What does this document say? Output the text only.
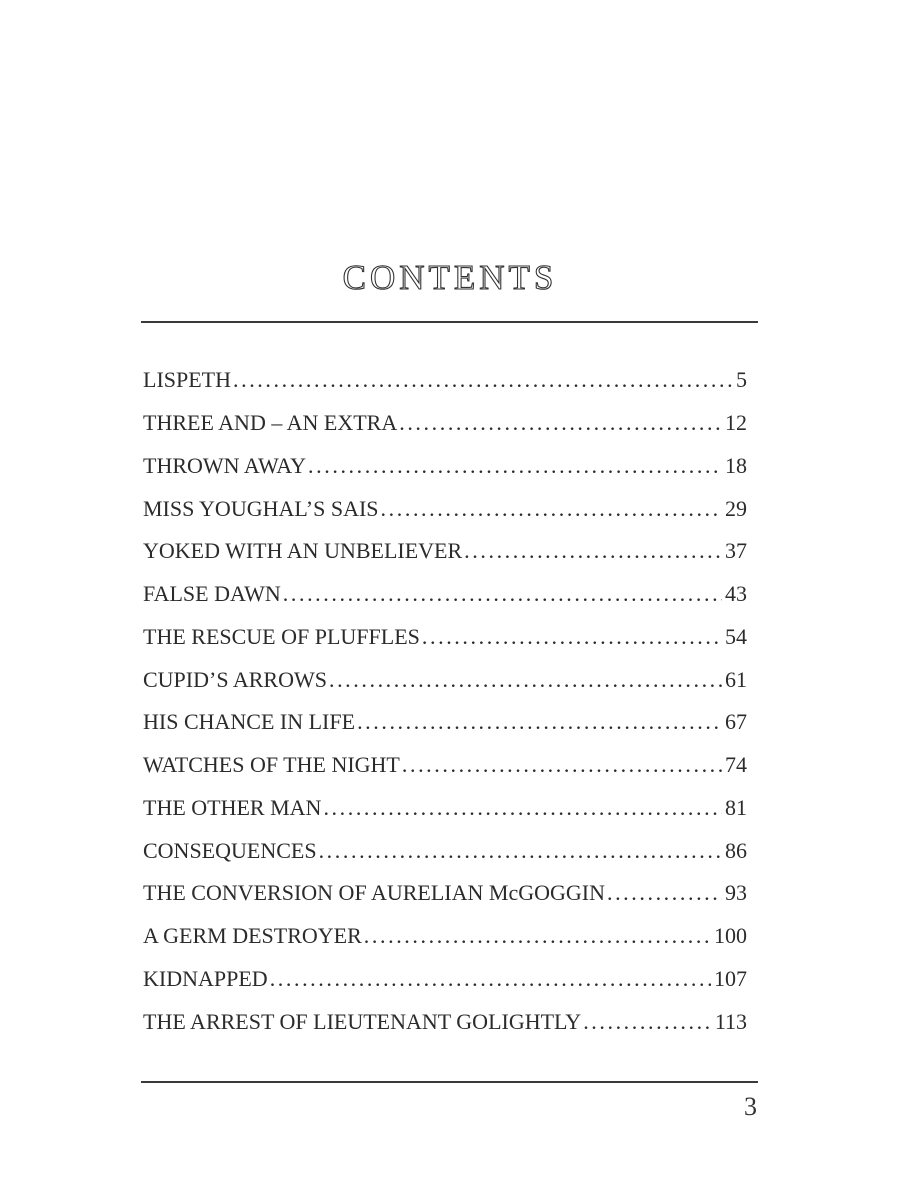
CONTENTS
LISPETH .....	5
THREE AND – AN EXTRA .....	12
THROWN AWAY .....	18
MISS YOUGHAL’S SAIS .....	29
YOKED WITH AN UNBELIEVER .....	37
FALSE DAWN .....	43
THE RESCUE OF PLUFFLES .....	54
CUPID’S ARROWS .....	61
HIS CHANCE IN LIFE .....	67
WATCHES OF THE NIGHT .....	74
THE OTHER MAN .....	81
CONSEQUENCES .....	86
THE CONVERSION OF AURELIAN McGOGGIN .....	93
A GERM DESTROYER .....	100
KIDNAPPED .....	107
THE ARREST OF LIEUTENANT GOLIGHTLY .....	113
3
